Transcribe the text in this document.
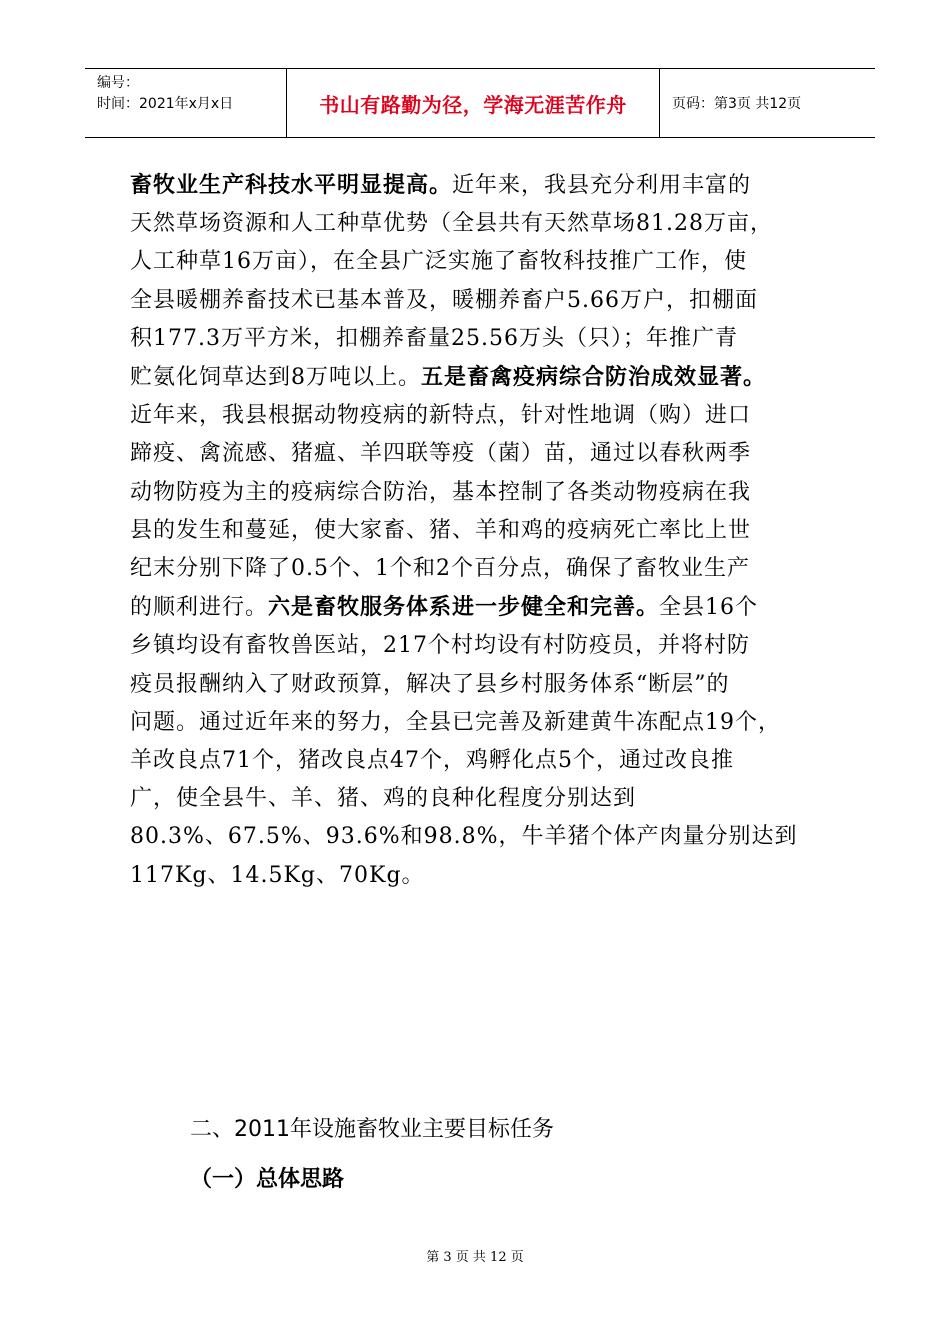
编号：
时间：2021年x月x日	书山有路勤为径，学海无涯苦作舟	页码：第3页 共12页
畜牧业生产科技水平明显提高。近年来，我县充分利用丰富的
天然草场资源和人工种草优势（全县共有天然草场81.28万亩，
人工种草16万亩），在全县广泛实施了畜牧科技推广工作，使
全县暖棚养畜技术已基本普及，暖棚养畜户5.66万户，扣棚面
积177.3万平方米，扣棚养畜量25.56万头（只）；年推广青
贮氨化饲草达到8万吨以上。五是畜禽疫病综合防治成效显著。
近年来，我县根据动物疫病的新特点，针对性地调（购）进口
蹄疫、禽流感、猪瘟、羊四联等疫（菌）苗，通过以春秋两季
动物防疫为主的疫病综合防治，基本控制了各类动物疫病在我
县的发生和蔓延，使大家畜、猪、羊和鸡的疫病死亡率比上世
纪末分别下降了0.5个、1个和2个百分点，确保了畜牧业生产
的顺利进行。六是畜牧服务体系进一步健全和完善。全县16个
乡镇均设有畜牧兽医站，217个村均设有村防疫员，并将村防
疫员报酬纳入了财政预算，解决了县乡村服务体系“断层”的
问题。通过近年来的努力，全县已完善及新建黄牛冻配点19个，
羊改良点71个，猪改良点47个，鸡孵化点5个，通过改良推
广，使全县牛、羊、猪、鸡的良种化程度分别达到
80.3%、67.5%、93.6%和98.8%，牛羊猪个体产肉量分别达到
117Kg、14.5Kg、70Kg。
二、2011年设施畜牧业主要目标任务
（一）总体思路
第 3 页 共 12 页
